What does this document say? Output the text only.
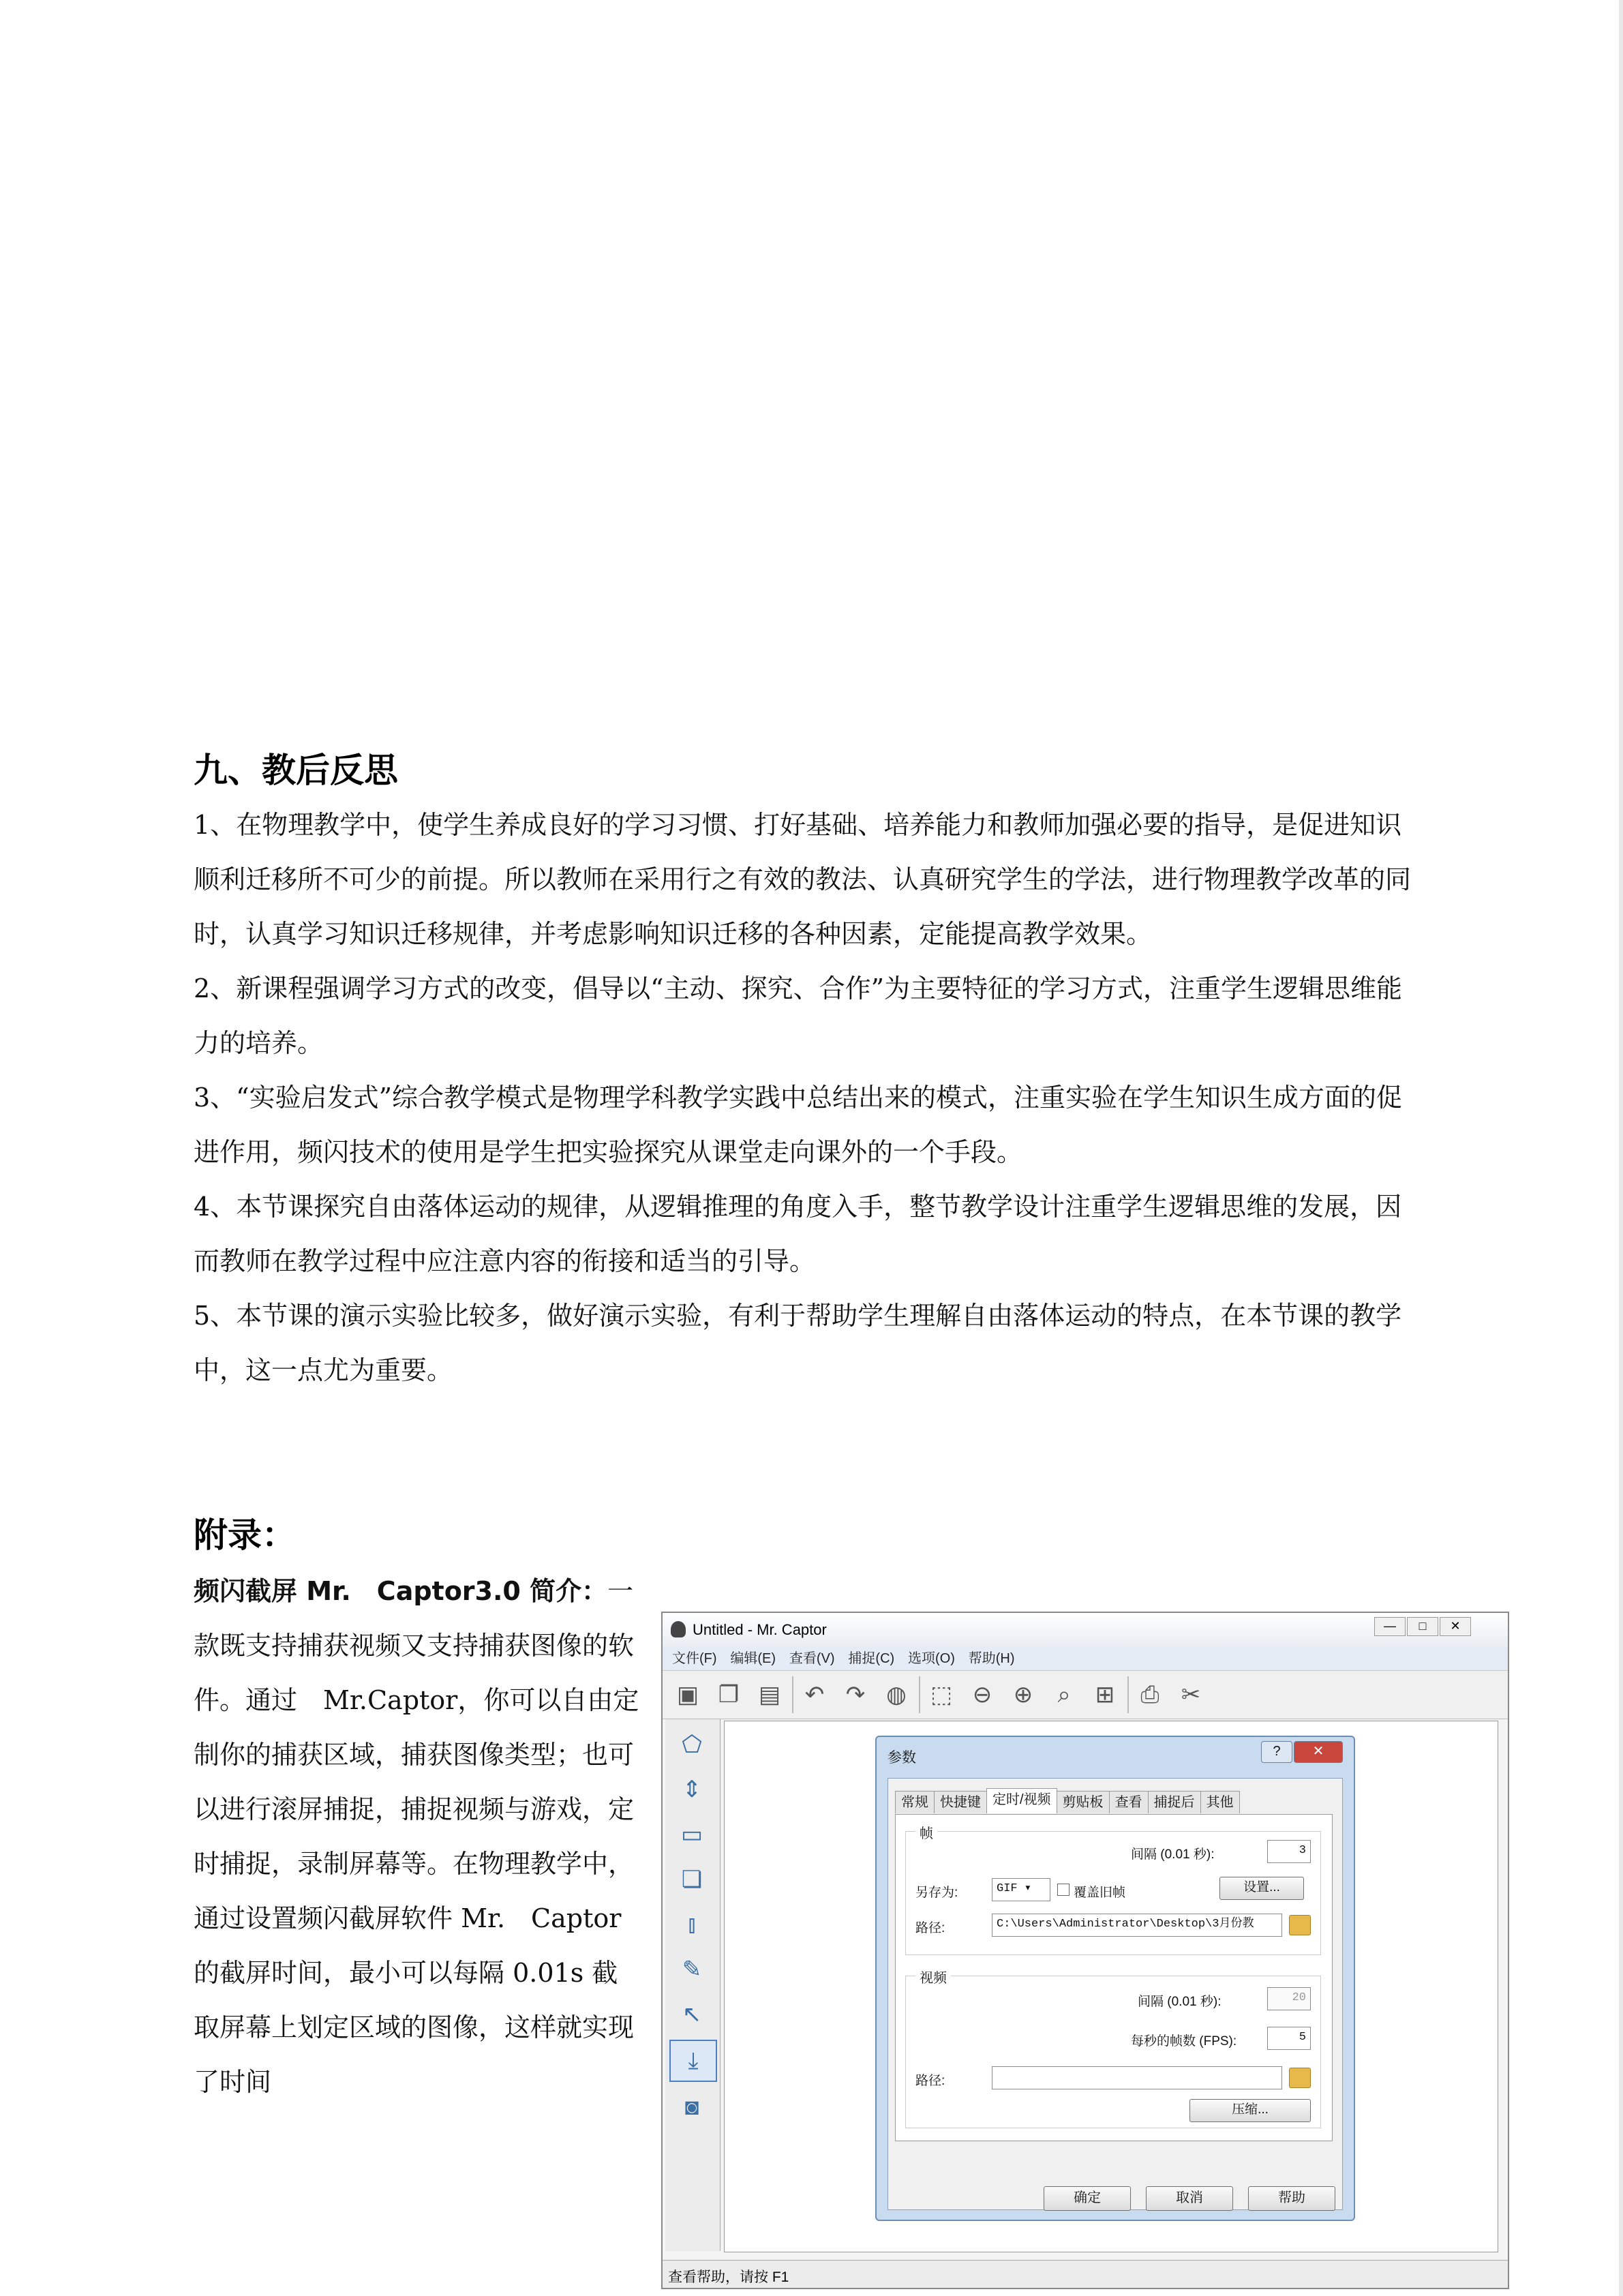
九、教后反思

1、在物理教学中，使学生养成良好的学习习惯、打好基础、培养能力和教师加强必要的指导，是促进知识顺利迁移所不可少的前提。所以教师在采用行之有效的教法、认真研究学生的学法，进行物理教学改革的同时，认真学习知识迁移规律，并考虑影响知识迁移的各种因素，定能提高教学效果。

2、新课程强调学习方式的改变，倡导以“主动、探究、合作”为主要特征的学习方式，注重学生逻辑思维能力的培养。

3、“实验启发式”综合教学模式是物理学科教学实践中总结出来的模式，注重实验在学生知识生成方面的促进作用，频闪技术的使用是学生把实验探究从课堂走向课外的一个手段。

4、本节课探究自由落体运动的规律，从逻辑推理的角度入手，整节教学设计注重学生逻辑思维的发展，因而教师在教学过程中应注意内容的衔接和适当的引导。

5、本节课的演示实验比较多，做好演示实验，有利于帮助学生理解自由落体运动的特点，在本节课的教学中，这一点尤为重要。

附录：
频闪截屏 Mr.　Captor3.0 简介：一款既支持捕获视频又支持捕获图像的软件。通过　Mr.Captor，你可以自由定制你的捕获区域，捕获图像类型；也可以进行滚屏捕捉，捕捉视频与游戏，定时捕捉，录制屏幕等。在物理教学中，通过设置频闪截屏软件 Mr.　Captor 的截屏时间，最小可以每隔 0.01s 截取屏幕上划定区域的图像，这样就实现了时间
Untitled - Mr. Captor	—	□	✕
文件(F) 编辑(E) 查看(V) 捕捉(C) 选项(O) 帮助(H)
▣ ❐ ▤	↶ ↷ ◍ ⬚ ⊖ ⊕	⌕	⊞	⎙ ✂
⬠
⇕
▭
❏
⫾
✎
↖
⤓
◙
查看帮助，请按 F1
参数	?	✕
常规 快捷键 定时/视频 剪贴板 查看 捕捉后 其他
帧
间隔 (0.01 秒):	3
另存为:	GIF ▾	覆盖旧帧	设置...
路径:	C:\Users\Administrator\Desktop\3月份教
视频
间隔 (0.01 秒):	20
每秒的帧数 (FPS):	5
路径:
压缩...
确定	取消	帮助
